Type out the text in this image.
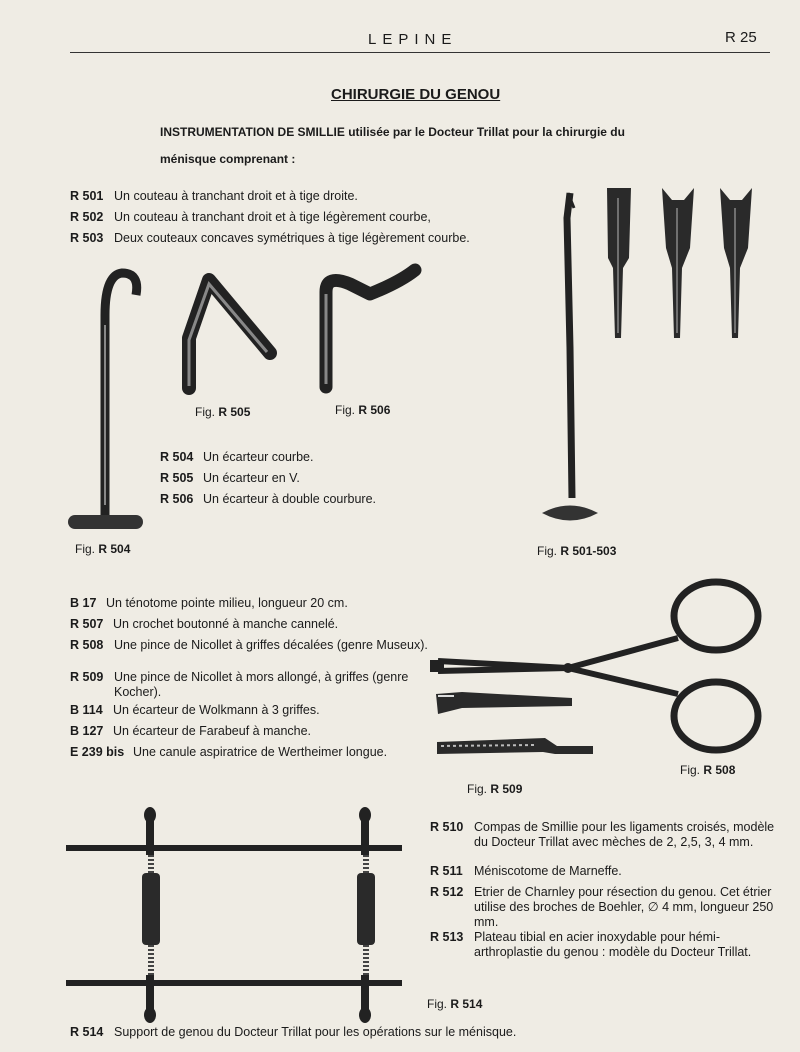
LEPINE	R 25
CHIRURGIE DU GENOU
INSTRUMENTATION DE SMILLIE utilisée par le Docteur Trillat pour la chirurgie du ménisque comprenant :
R 501 Un couteau à tranchant droit et à tige droite.
R 502 Un couteau à tranchant droit et à tige légèrement courbe,
R 503 Deux couteaux concaves symétriques à tige légèrement courbe.
Fig. R 505	Fig. R 506
R 504 Un écarteur courbe.
R 505 Un écarteur en V.
R 506 Un écarteur à double courbure.
Fig. R 504	Fig. R 501-503
B 17 Un ténotome pointe milieu, longueur 20 cm.
R 507 Un crochet boutonné à manche cannelé.
R 508 Une pince de Nicollet à griffes décalées (genre Museux).
R 509 Une pince de Nicollet à mors allongé, à griffes (genre Kocher).
B 114 Un écarteur de Wolkmann à 3 griffes.
B 127 Un écarteur de Farabeuf à manche.
E 239 bis Une canule aspiratrice de Wertheimer longue.
LEPINE
Fig. R 508
Fig. R 509
R 510 Compas de Smillie pour les ligaments croisés, modèle du Docteur Trillat avec mèches de 2, 2,5, 3, 4 mm.
R 511 Méniscotome de Marneffe.
R 512 Etrier de Charnley pour résection du genou. Cet étrier utilise des broches de Boehler, ∅ 4 mm, longueur 250 mm.
R 513 Plateau tibial en acier inoxydable pour hémi-arthroplastie du genou : modèle du Docteur Trillat.
Fig. R 514
R 514 Support de genou du Docteur Trillat pour les opérations sur le ménisque.
